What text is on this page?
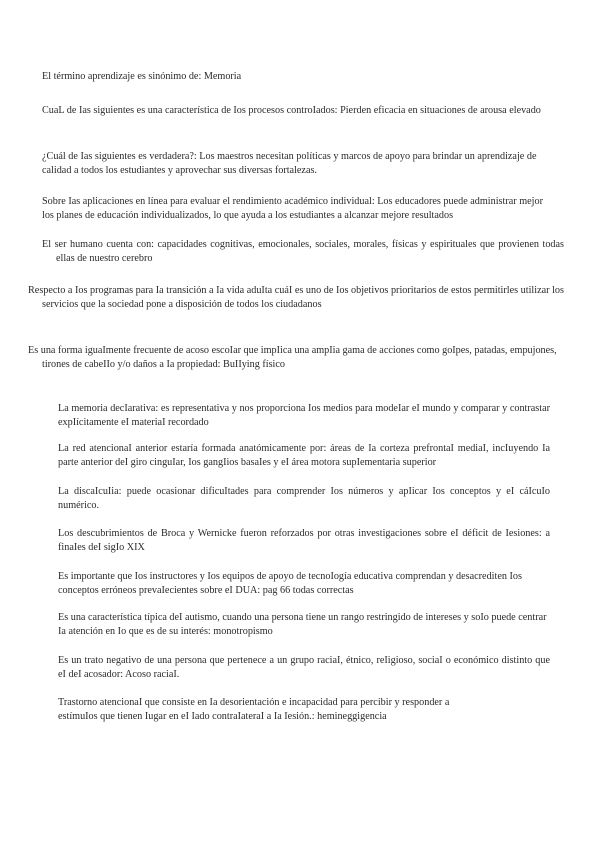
El término aprendizaje es sinónimo de: Memoria

CuaL de Ias siguientes es una característica de Ios procesos controIados: Pierden eficacia en situaciones de arousa elevado

¿Cuál de Ias siguientes es verdadera?: Los maestros necesitan políticas y marcos de apoyo para brindar un aprendizaje de calidad a todos los estudiantes y aprovechar sus diversas fortalezas.

Sobre Ias aplicaciones en línea para evaluar el rendimiento académico individual: Los educadores puede administrar mejor los planes de educación individualizados, lo que ayuda a los estudiantes a alcanzar mejore resultados

El ser humano cuenta con: capacidades cognitivas, emocionales, sociales, morales, físicas y espirituales que provienen todas ellas de nuestro cerebro

Respecto a Ios programas para Ia transición a Ia vida aduIta cuáI es uno de Ios objetivos prioritarios de estos permitirles utilizar los servicios que la sociedad pone a disposición de todos los ciudadanos

Es una forma iguaImente frecuente de acoso escoIar que impIica una ampIia gama de acciones como goIpes, patadas, empujones, tirones de cabeIIo y/o daños a Ia propiedad: BuIIying físico

La memoria decIarativa: es representativa y nos proporciona Ios medios para modeIar eI mundo y comparar y contrastar expIícitamente eI materiaI recordado

La red atencionaI anterior estaría formada anatómicamente por: áreas de Ia corteza prefrontaI mediaI, incIuyendo Ia parte anterior deI giro cinguIar, Ios gangIios basaIes y eI área motora supIementaria superior

La discaIcuIia: puede ocasionar dificuItades para comprender Ios números y apIicar Ios conceptos y eI cáIcuIo numérico.

Los descubrimientos de Broca y Wernicke fueron reforzados por otras investigaciones sobre eI déficit de Iesiones: a finaIes deI sigIo XIX

Es importante que Ios instructores y Ios equipos de apoyo de tecnoIogía educativa comprendan y desacrediten Ios conceptos erróneos prevaIecientes sobre eI DUA: pag 66 todas correctas

Es una característica típica deI autismo, cuando una persona tiene un rango restringido de intereses y soIo puede centrar Ia atención en Io que es de su interés: monotropismo

Es un trato negativo de una persona que pertenece a un grupo raciaI, étnico, reIigioso, sociaI o económico distinto que eI deI acosador: Acoso raciaI.

Trastorno atencionaI que consiste en Ia desorientación e incapacidad para percibir y responder a estímuIos que tienen Iugar en eI Iado contraIateraI a Ia Iesión.: hemineggigencia
